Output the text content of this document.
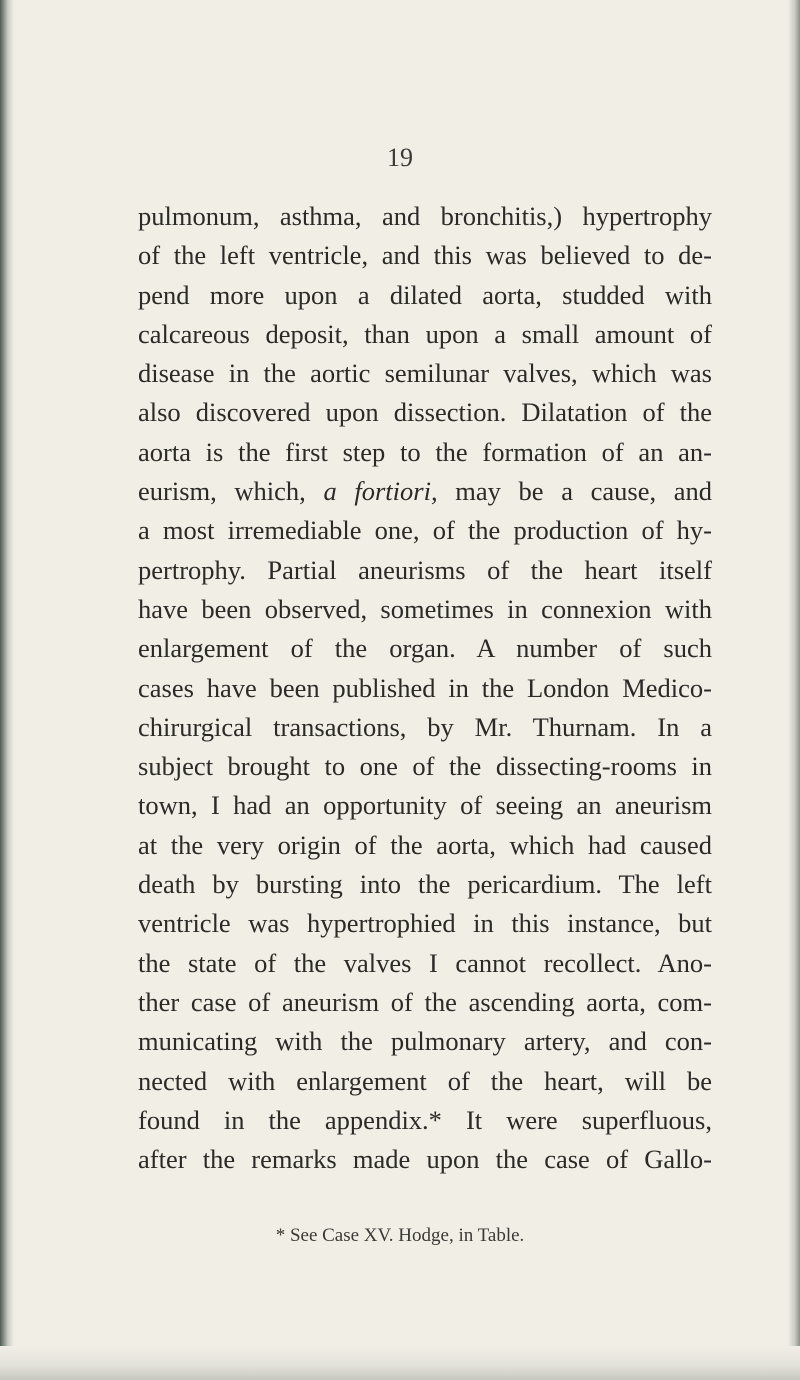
19
pulmonum, asthma, and bronchitis,) hypertrophy
of the left ventricle, and this was believed to de-
pend more upon a dilated aorta, studded with
calcareous deposit, than upon a small amount of
disease in the aortic semilunar valves, which was
also discovered upon dissection. Dilatation of the
aorta is the first step to the formation of an an-
eurism, which, a fortiori, may be a cause, and
a most irremediable one, of the production of hy-
pertrophy. Partial aneurisms of the heart itself
have been observed, sometimes in connexion with
enlargement of the organ. A number of such
cases have been published in the London Medico-
chirurgical transactions, by Mr. Thurnam. In a
subject brought to one of the dissecting-rooms in
town, I had an opportunity of seeing an aneurism
at the very origin of the aorta, which had caused
death by bursting into the pericardium. The left
ventricle was hypertrophied in this instance, but
the state of the valves I cannot recollect. Ano-
ther case of aneurism of the ascending aorta, com-
municating with the pulmonary artery, and con-
nected with enlargement of the heart, will be
found in the appendix.* It were superfluous,
after the remarks made upon the case of Gallo-
* See Case XV. Hodge, in Table.
